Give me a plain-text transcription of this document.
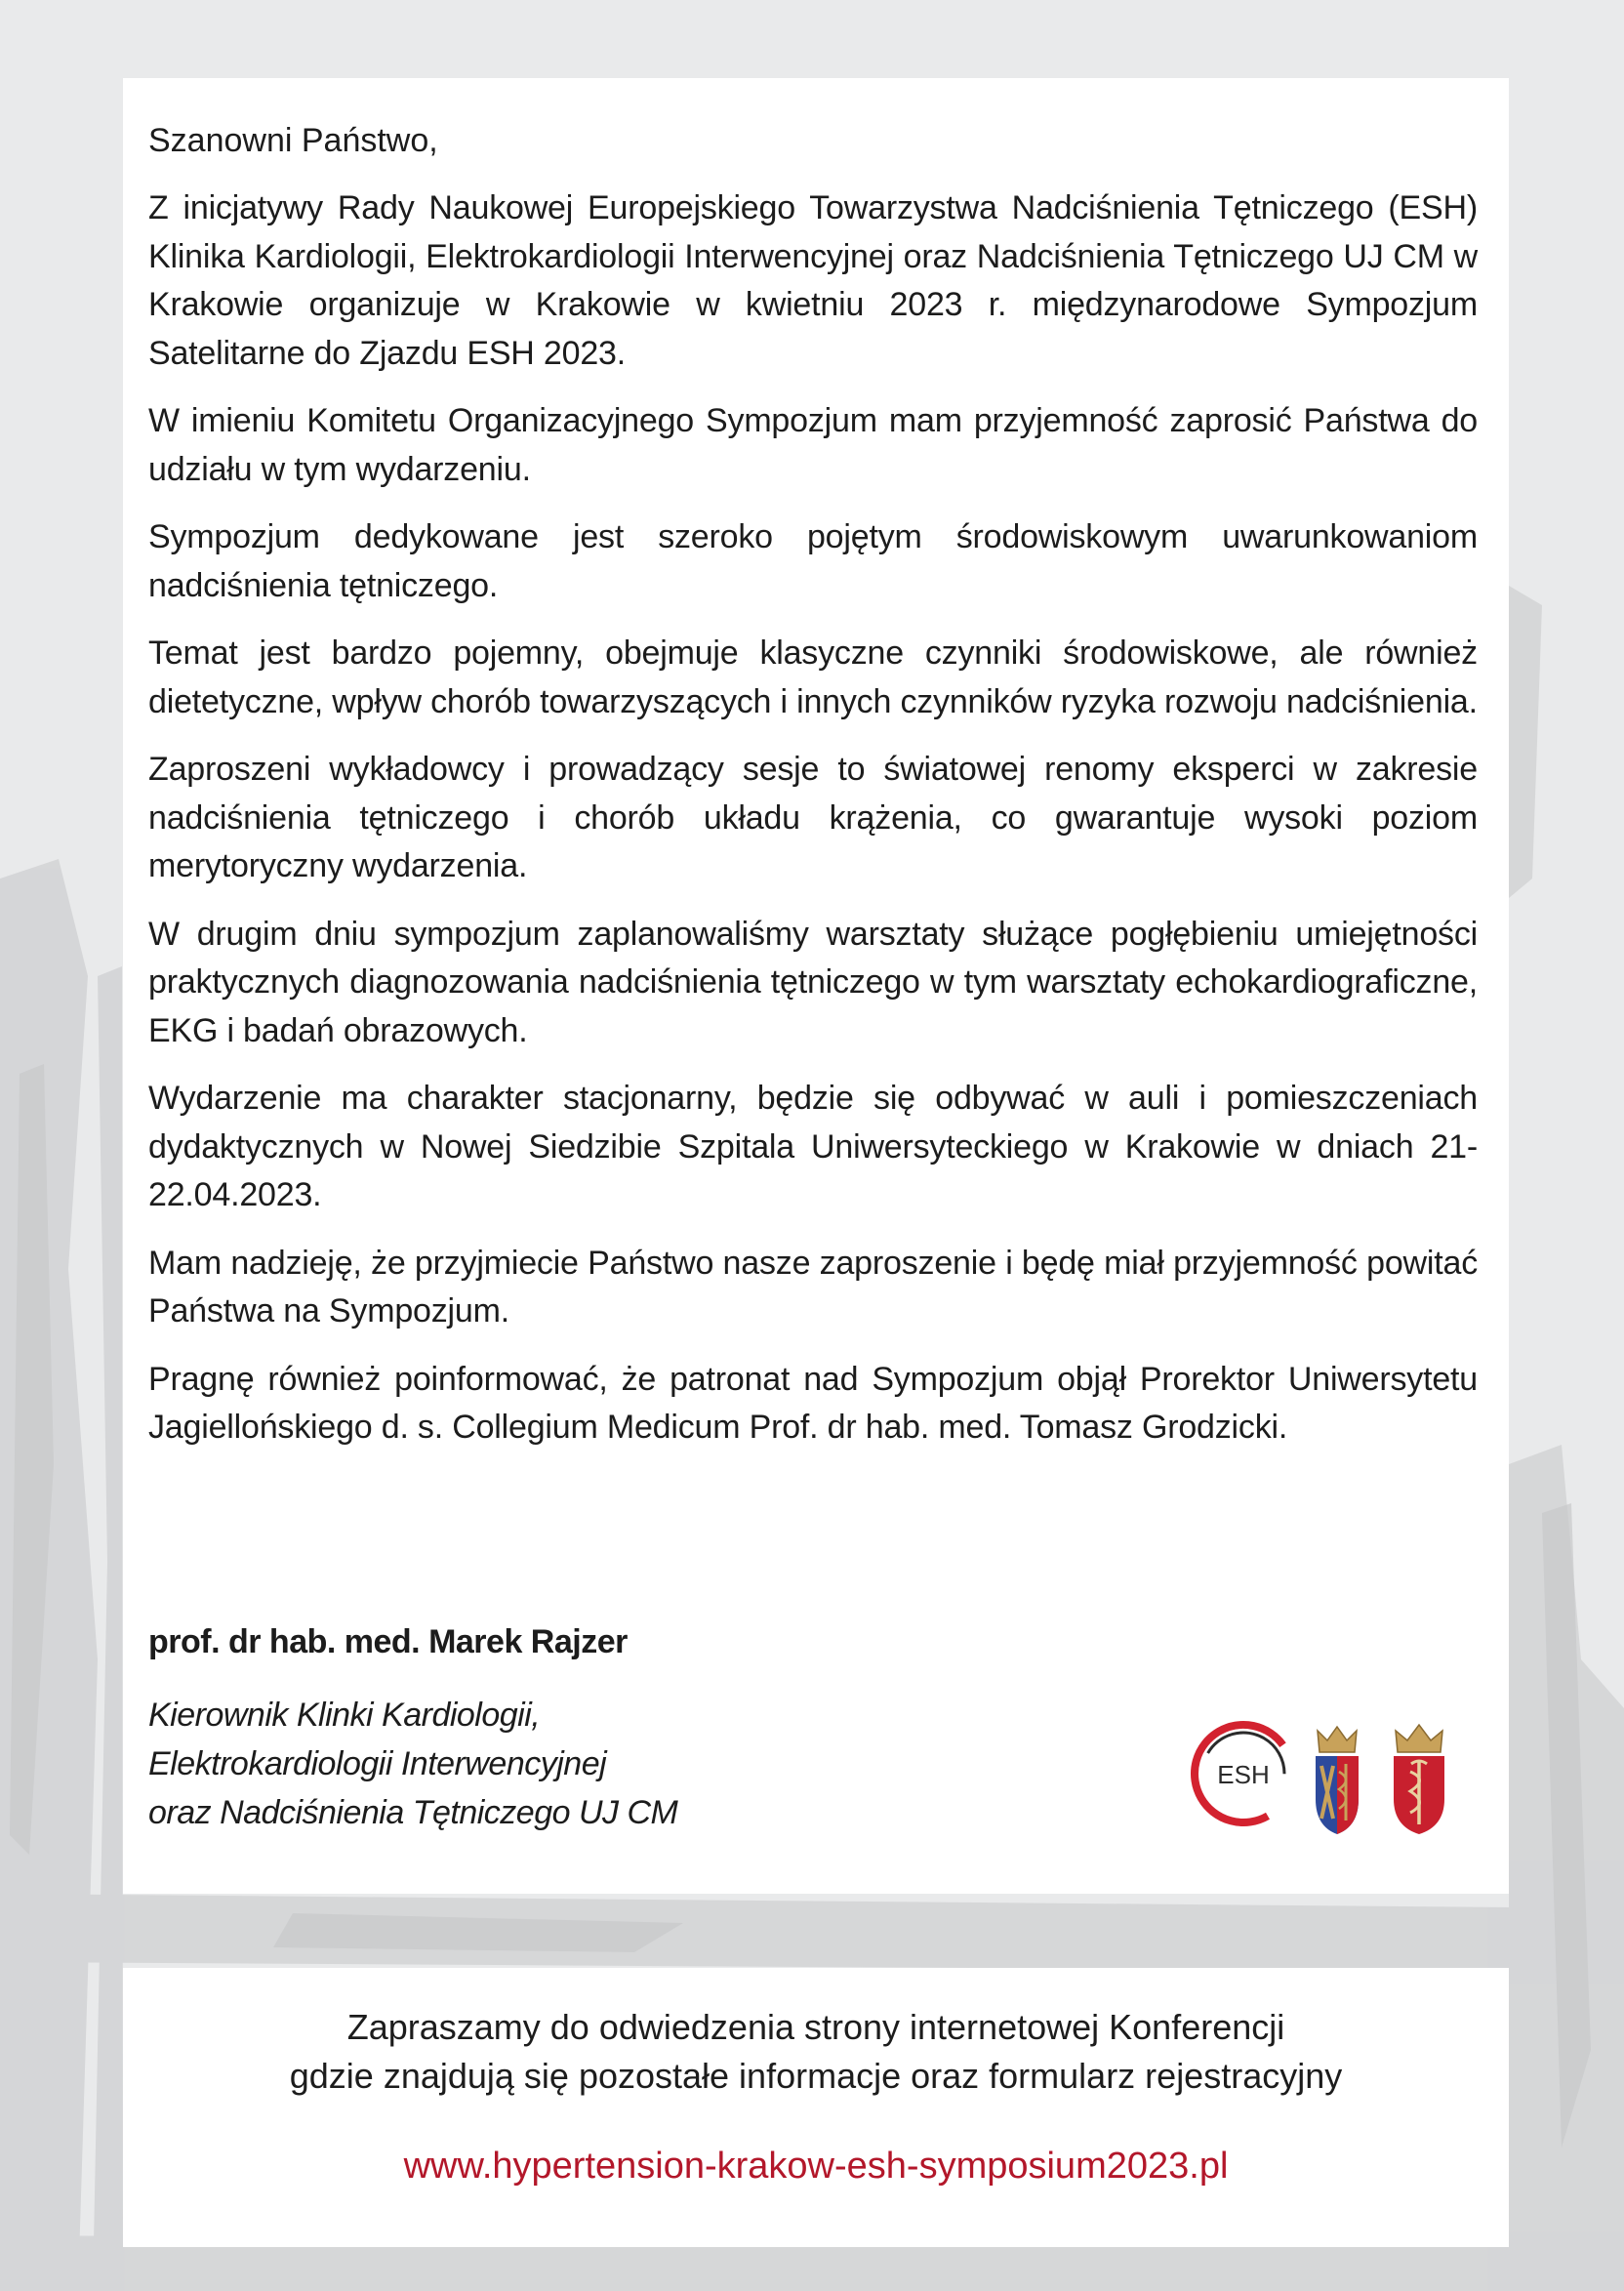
Szanowni Państwo,

Z inicjatywy Rady Naukowej Europejskiego Towarzystwa Nadciśnienia Tętniczego (ESH) Klinika Kardiologii, Elektrokardiologii Interwencyjnej oraz Nadciśnienia Tętniczego UJ CM w Krakowie organizuje w Krakowie w kwietniu 2023 r. międzynarodowe Sympozjum Satelitarne do Zjazdu ESH 2023.

W imieniu Komitetu Organizacyjnego Sympozjum mam przyjemność zaprosić Państwa do udziału w tym wydarzeniu.

Sympozjum dedykowane jest szeroko pojętym środowiskowym uwarunkowaniom nadciśnienia tętniczego.

Temat jest bardzo pojemny, obejmuje klasyczne czynniki środowiskowe, ale również dietetyczne, wpływ chorób towarzyszących i innych czynników ryzyka rozwoju nadciśnienia.

Zaproszeni wykładowcy i prowadzący sesje to światowej renomy eksperci w zakresie nadciśnienia tętniczego i chorób układu krążenia, co gwarantuje wysoki poziom merytoryczny wydarzenia.

W drugim dniu sympozjum zaplanowaliśmy warsztaty służące pogłębieniu umiejętności praktycznych diagnozowania nadciśnienia tętniczego w tym warsztaty echokardiograficzne, EKG i badań obrazowych.

Wydarzenie ma charakter stacjonarny, będzie się odbywać w auli i pomieszczeniach dydaktycznych w Nowej Siedzibie Szpitala Uniwersyteckiego w Krakowie w dniach 21-22.04.2023.

Mam nadzieję, że przyjmiecie Państwo nasze zaproszenie i będę miał przyjemność powitać Państwa na Sympozjum.

Pragnę również poinformować, że patronat nad Sympozjum objął Prorektor Uniwersytetu Jagiellońskiego d. s. Collegium Medicum Prof. dr hab. med. Tomasz Grodzicki.

prof. dr hab. med. Marek Rajzer

Kierownik Klinki Kardiologii,
Elektrokardiologii Interwencyjnej
oraz Nadciśnienia Tętniczego UJ CM
ESH
Zapraszamy do odwiedzenia strony internetowej Konferencji
gdzie znajdują się pozostałe informacje oraz formularz rejestracyjny
www.hypertension-krakow-esh-symposium2023.pl
